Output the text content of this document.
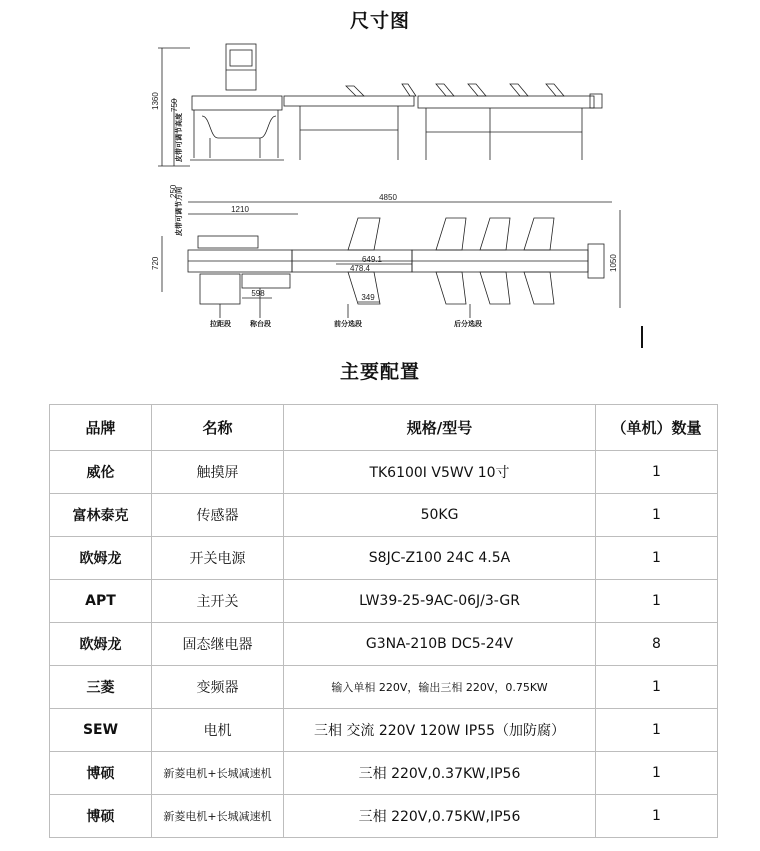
尺寸图
1360 750
皮带可调节高度
4850
1210
250
皮带可调节方向
720	1050
649.1
478.4
598	349
拉距段	称台段	前分选段	后分选段
主要配置
品牌	名称	规格/型号	（单机）数量
威伦	触摸屏	TK6100I V5WV 10寸	1
富林泰克	传感器	50KG	1
欧姆龙	开关电源	S8JC-Z100 24C 4.5A	1
APT	主开关	LW39-25-9AC-06J/3-GR	1
欧姆龙	固态继电器	G3NA-210B DC5-24V	8
三菱	变频器	输入单相 220V，输出三相 220V，0.75KW	1
SEW	电机	三相 交流 220V 120W IP55（加防腐）	1
博硕	新菱电机+长城减速机	三相 220V,0.37KW,IP56	1
博硕	新菱电机+长城减速机	三相 220V,0.75KW,IP56	1
